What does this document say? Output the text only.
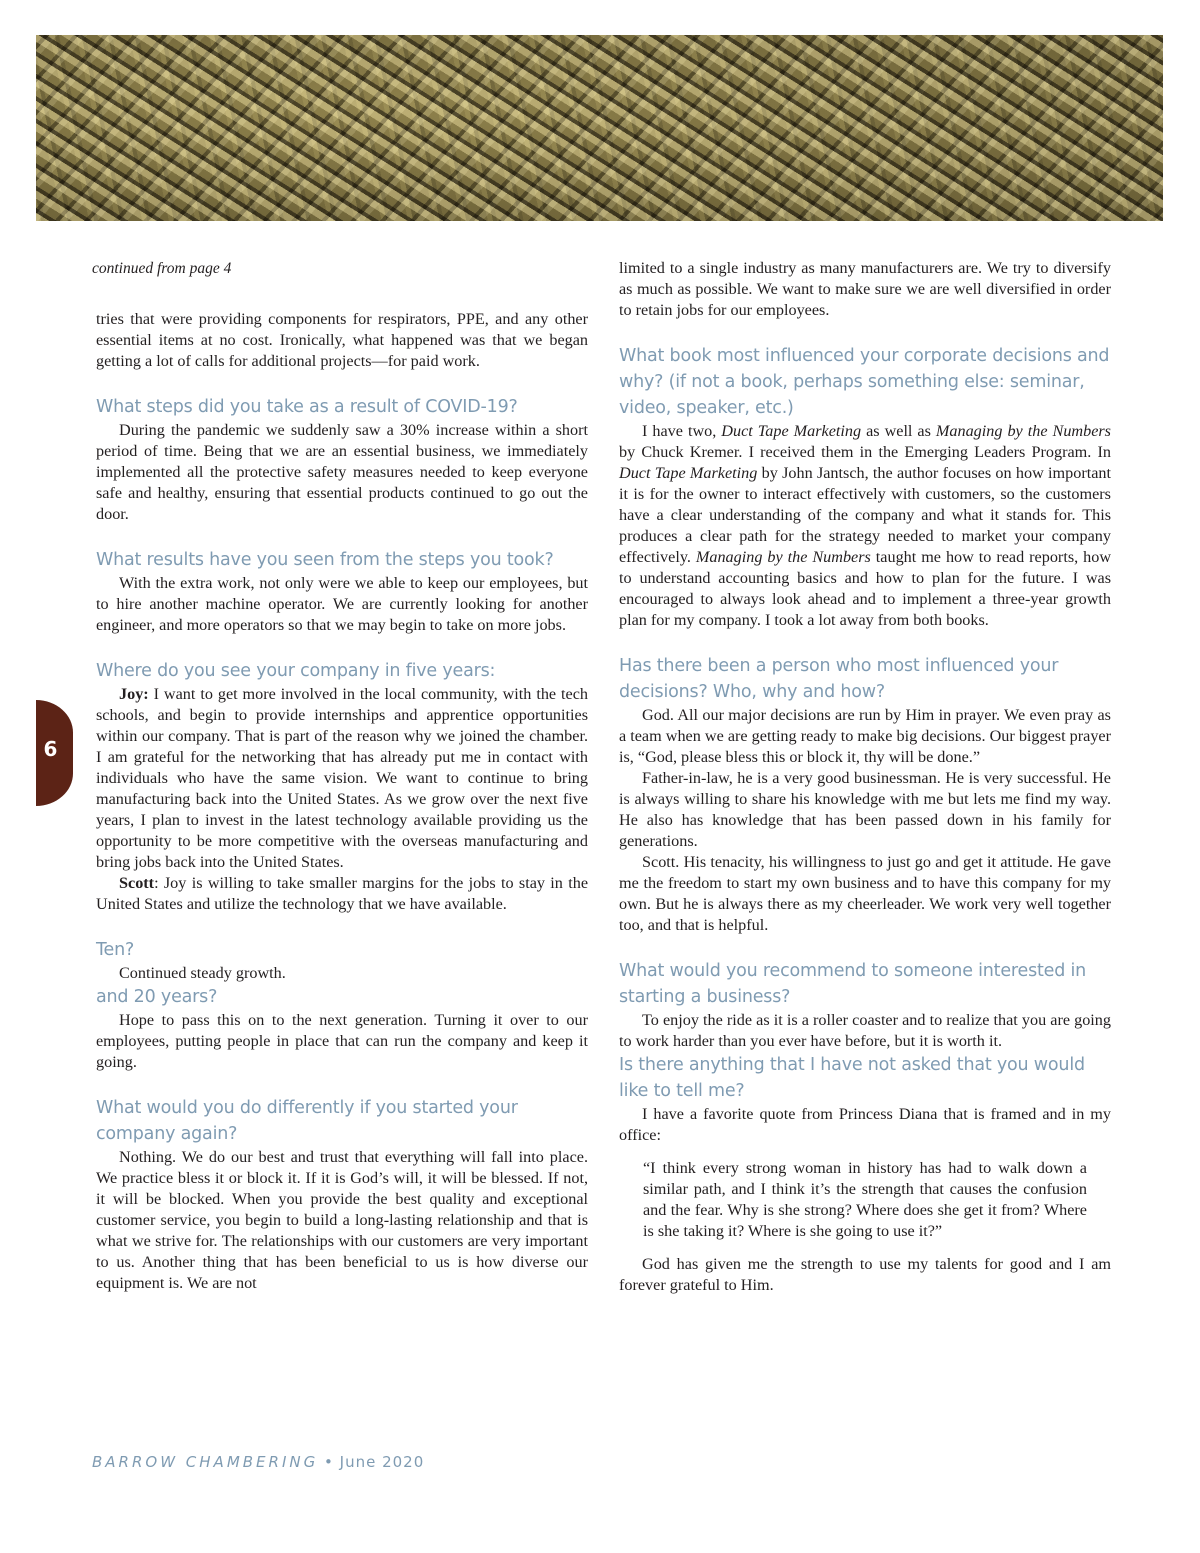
6
continued from page 4

tries that were providing components for respirators, PPE, and any other essential items at no cost. Ironically, what happened was that we began getting a lot of calls for additional projects—for paid work.

What steps did you take as a result of COVID-19?

During the pandemic we suddenly saw a 30% increase within a short period of time. Being that we are an essential business, we immediately implemented all the protective safety measures needed to keep everyone safe and healthy, ensuring that essential products continued to go out the door.

What results have you seen from the steps you took?

With the extra work, not only were we able to keep our employees, but to hire another machine operator. We are currently looking for another engineer, and more operators so that we may begin to take on more jobs.

Where do you see your company in five years:

Joy: I want to get more involved in the local community, with the tech schools, and begin to provide internships and apprentice opportunities within our company. That is part of the reason why we joined the chamber. I am grateful for the networking that has already put me in contact with individuals who have the same vision. We want to continue to bring manufacturing back into the United States. As we grow over the next five years, I plan to invest in the latest technology available providing us the opportunity to be more competitive with the overseas manufacturing and bring jobs back into the United States.

Scott: Joy is willing to take smaller margins for the jobs to stay in the United States and utilize the technology that we have available.

Ten?

Continued steady growth.

and 20 years?

Hope to pass this on to the next generation. Turning it over to our employees, putting people in place that can run the company and keep it going.

What would you do differently if you started your company again?

Nothing. We do our best and trust that everything will fall into place. We practice bless it or block it. If it is God’s will, it will be blessed. If not, it will be blocked. When you provide the best quality and exceptional customer service, you begin to build a long-lasting relationship and that is what we strive for. The relationships with our customers are very important to us. Another thing that has been beneficial to us is how diverse our equipment is. We are not

limited to a single industry as many manufacturers are. We try to diversify as much as possible. We want to make sure we are well diversified in order to retain jobs for our employees.

What book most influenced your corporate decisions and why? (if not a book, perhaps something else: seminar, video, speaker, etc.)

I have two, Duct Tape Marketing as well as Managing by the Numbers by Chuck Kremer. I received them in the Emerging Leaders Program. In Duct Tape Marketing by John Jantsch, the author focuses on how important it is for the owner to interact effectively with customers, so the customers have a clear understanding of the company and what it stands for. This produces a clear path for the strategy needed to market your company effectively. Managing by the Numbers taught me how to read reports, how to understand accounting basics and how to plan for the future. I was encouraged to always look ahead and to implement a three-year growth plan for my company. I took a lot away from both books.

Has there been a person who most influenced your decisions? Who, why and how?

God. All our major decisions are run by Him in prayer. We even pray as a team when we are getting ready to make big decisions. Our biggest prayer is, “God, please bless this or block it, thy will be done.”

Father-in-law, he is a very good businessman. He is very successful. He is always willing to share his knowledge with me but lets me find my way. He also has knowledge that has been passed down in his family for generations.

Scott. His tenacity, his willingness to just go and get it attitude. He gave me the freedom to start my own business and to have this company for my own. But he is always there as my cheerleader. We work very well together too, and that is helpful.

What would you recommend to someone interested in starting a business?

To enjoy the ride as it is a roller coaster and to realize that you are going to work harder than you ever have before, but it is worth it.

Is there anything that I have not asked that you would like to tell me?

I have a favorite quote from Princess Diana that is framed and in my office:

“I think every strong woman in history has had to walk down a similar path, and I think it’s the strength that causes the confusion and the fear. Why is she strong? Where does she get it from? Where is she taking it? Where is she going to use it?”

God has given me the strength to use my talents for good and I am forever grateful to Him.

BARROW CHAMBERING • June 2020
